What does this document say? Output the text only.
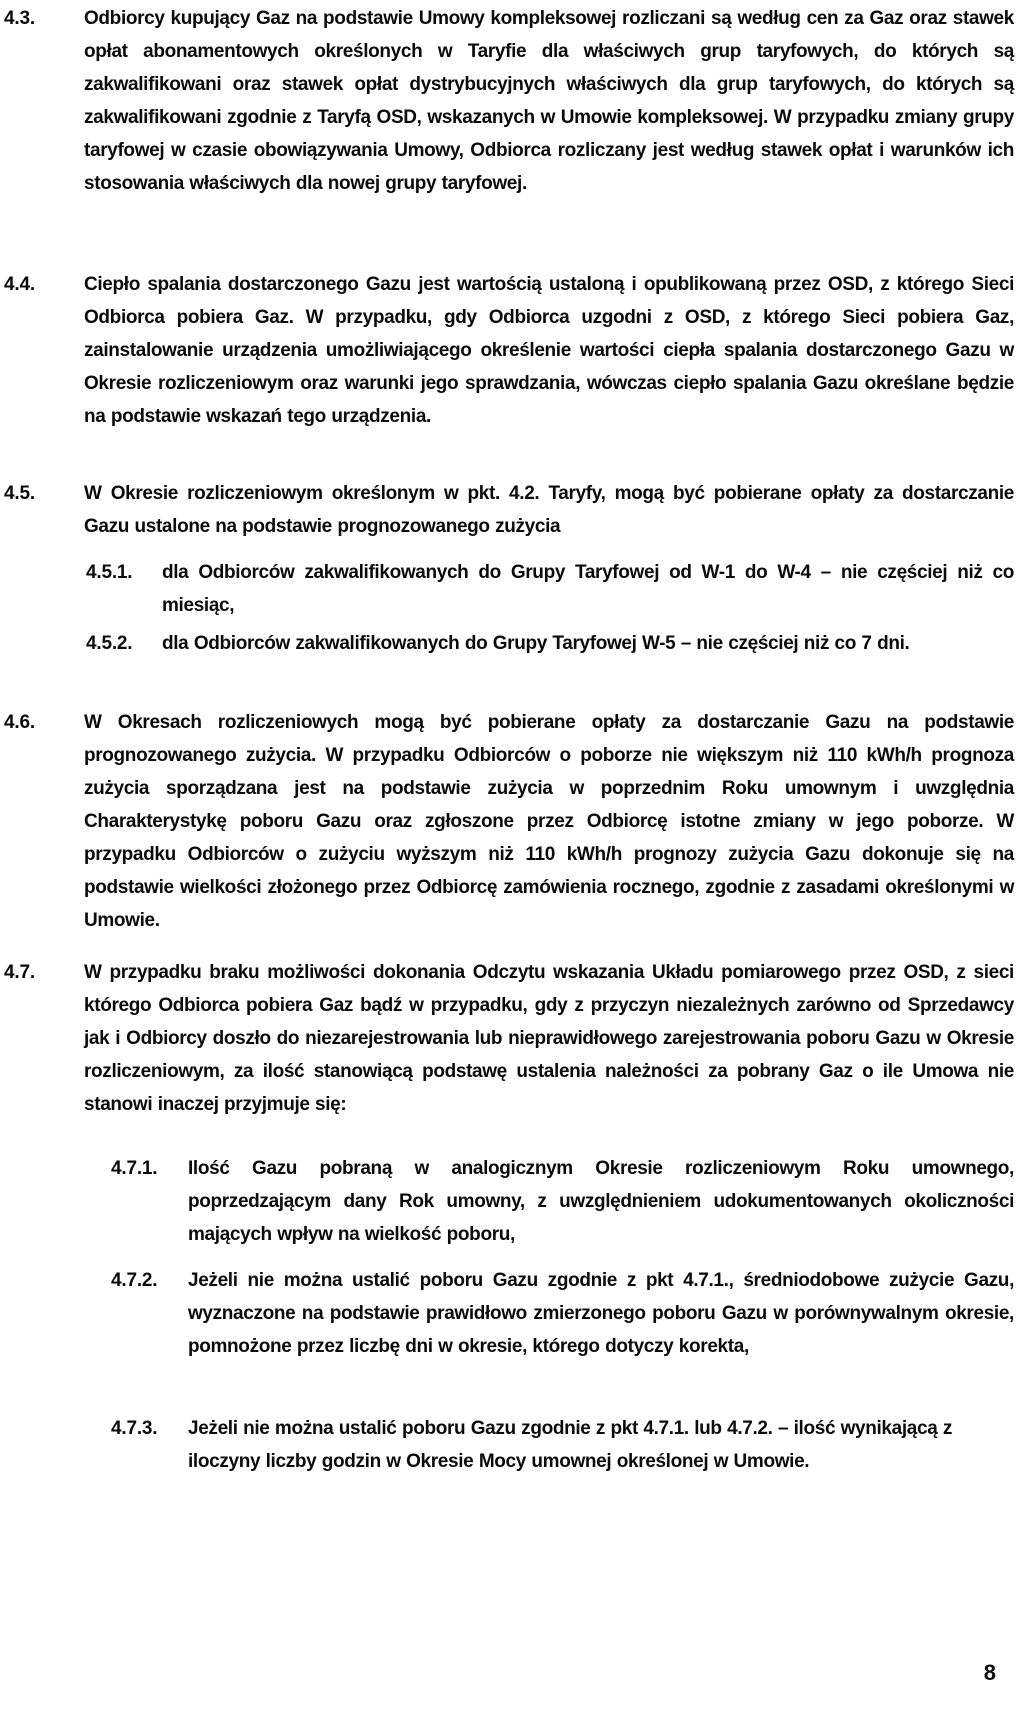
4.3.	Odbiorcy kupujący Gaz na podstawie Umowy kompleksowej rozliczani są według cen za Gaz oraz stawek opłat abonamentowych określonych w Taryfie dla właściwych grup taryfowych, do których są zakwalifikowani oraz stawek opłat dystrybucyjnych właściwych dla grup taryfowych, do których są zakwalifikowani zgodnie z Taryfą OSD, wskazanych w Umowie kompleksowej. W przypadku zmiany grupy taryfowej w czasie obowiązywania Umowy, Odbiorca rozliczany jest według stawek opłat i warunków ich stosowania właściwych dla nowej grupy taryfowej.

4.4.	Ciepło spalania dostarczonego Gazu jest wartością ustaloną i opublikowaną przez OSD, z którego Sieci Odbiorca pobiera Gaz. W przypadku, gdy Odbiorca uzgodni z OSD, z którego Sieci pobiera Gaz, zainstalowanie urządzenia umożliwiającego określenie wartości ciepła spalania dostarczonego Gazu w Okresie rozliczeniowym oraz warunki jego sprawdzania, wówczas ciepło spalania Gazu określane będzie na podstawie wskazań tego urządzenia.

4.5.	W Okresie rozliczeniowym określonym w pkt. 4.2. Taryfy, mogą być pobierane opłaty za dostarczanie Gazu ustalone na podstawie prognozowanego zużycia

4.5.1. dla Odbiorców zakwalifikowanych do Grupy Taryfowej od W-1 do W-4 – nie częściej niż co miesiąc,

4.5.2. dla Odbiorców zakwalifikowanych do Grupy Taryfowej W-5 – nie częściej niż co 7 dni.

4.6.	W Okresach rozliczeniowych mogą być pobierane opłaty za dostarczanie Gazu na podstawie prognozowanego zużycia. W przypadku Odbiorców o poborze nie większym niż 110 kWh/h prognoza zużycia sporządzana jest na podstawie zużycia w poprzednim Roku umownym i uwzględnia Charakterystykę poboru Gazu oraz zgłoszone przez Odbiorcę istotne zmiany w jego poborze. W przypadku Odbiorców o zużyciu wyższym niż 110 kWh/h prognozy zużycia Gazu dokonuje się na podstawie wielkości złożonego przez Odbiorcę zamówienia rocznego, zgodnie z zasadami określonymi w Umowie.

4.7.	W przypadku braku możliwości dokonania Odczytu wskazania Układu pomiarowego przez OSD, z sieci którego Odbiorca pobiera Gaz bądź w przypadku, gdy z przyczyn niezależnych zarówno od Sprzedawcy jak i Odbiorcy doszło do niezarejestrowania lub nieprawidłowego zarejestrowania poboru Gazu w Okresie rozliczeniowym, za ilość stanowiącą podstawę ustalenia należności za pobrany Gaz o ile Umowa nie stanowi inaczej przyjmuje się:

4.7.1. Ilość Gazu pobraną w analogicznym Okresie rozliczeniowym Roku umownego, poprzedzającym dany Rok umowny, z uwzględnieniem udokumentowanych okoliczności mających wpływ na wielkość poboru,

4.7.2. Jeżeli nie można ustalić poboru Gazu zgodnie z pkt 4.7.1., średniodobowe zużycie Gazu, wyznaczone na podstawie prawidłowo zmierzonego poboru Gazu w porównywalnym okresie, pomnożone przez liczbę dni w okresie, którego dotyczy korekta,

4.7.3. Jeżeli nie można ustalić poboru Gazu zgodnie z pkt 4.7.1. lub 4.7.2. – ilość wynikającą z iloczyny liczby godzin w Okresie Mocy umownej określonej w Umowie.

8
